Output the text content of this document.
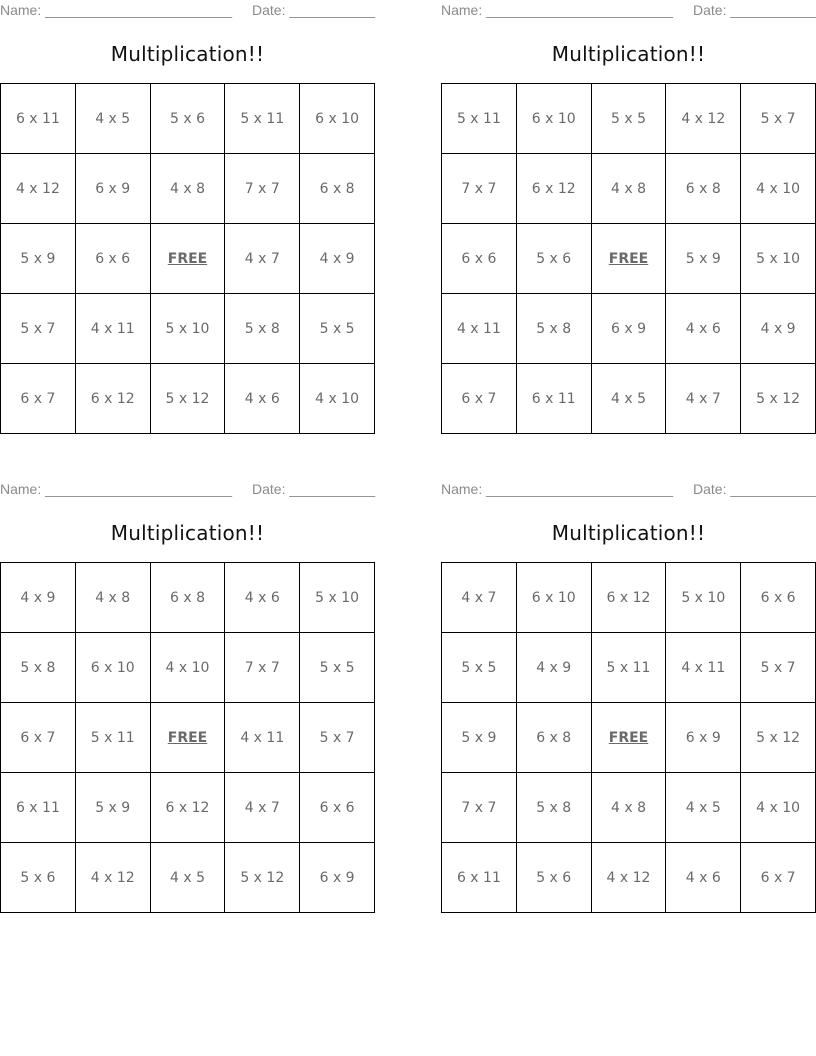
Name: ________________________ Date: ___________
Multiplication!!
6 x 11	4 x 5	5 x 6	5 x 11	6 x 10
4 x 12	6 x 9	4 x 8	7 x 7	6 x 8
5 x 9	6 x 6	FREE	4 x 7	4 x 9
5 x 7	4 x 11	5 x 10	5 x 8	5 x 5
6 x 7	6 x 12	5 x 12	4 x 6	4 x 10
Name: ________________________ Date: ___________
Multiplication!!
5 x 11	6 x 10	5 x 5	4 x 12	5 x 7
7 x 7	6 x 12	4 x 8	6 x 8	4 x 10
6 x 6	5 x 6	FREE	5 x 9	5 x 10
4 x 11	5 x 8	6 x 9	4 x 6	4 x 9
6 x 7	6 x 11	4 x 5	4 x 7	5 x 12
Name: ________________________ Date: ___________
Multiplication!!
4 x 9	4 x 8	6 x 8	4 x 6	5 x 10
5 x 8	6 x 10	4 x 10	7 x 7	5 x 5
6 x 7	5 x 11	FREE	4 x 11	5 x 7
6 x 11	5 x 9	6 x 12	4 x 7	6 x 6
5 x 6	4 x 12	4 x 5	5 x 12	6 x 9
Name: ________________________ Date: ___________
Multiplication!!
4 x 7	6 x 10	6 x 12	5 x 10	6 x 6
5 x 5	4 x 9	5 x 11	4 x 11	5 x 7
5 x 9	6 x 8	FREE	6 x 9	5 x 12
7 x 7	5 x 8	4 x 8	4 x 5	4 x 10
6 x 11	5 x 6	4 x 12	4 x 6	6 x 7
